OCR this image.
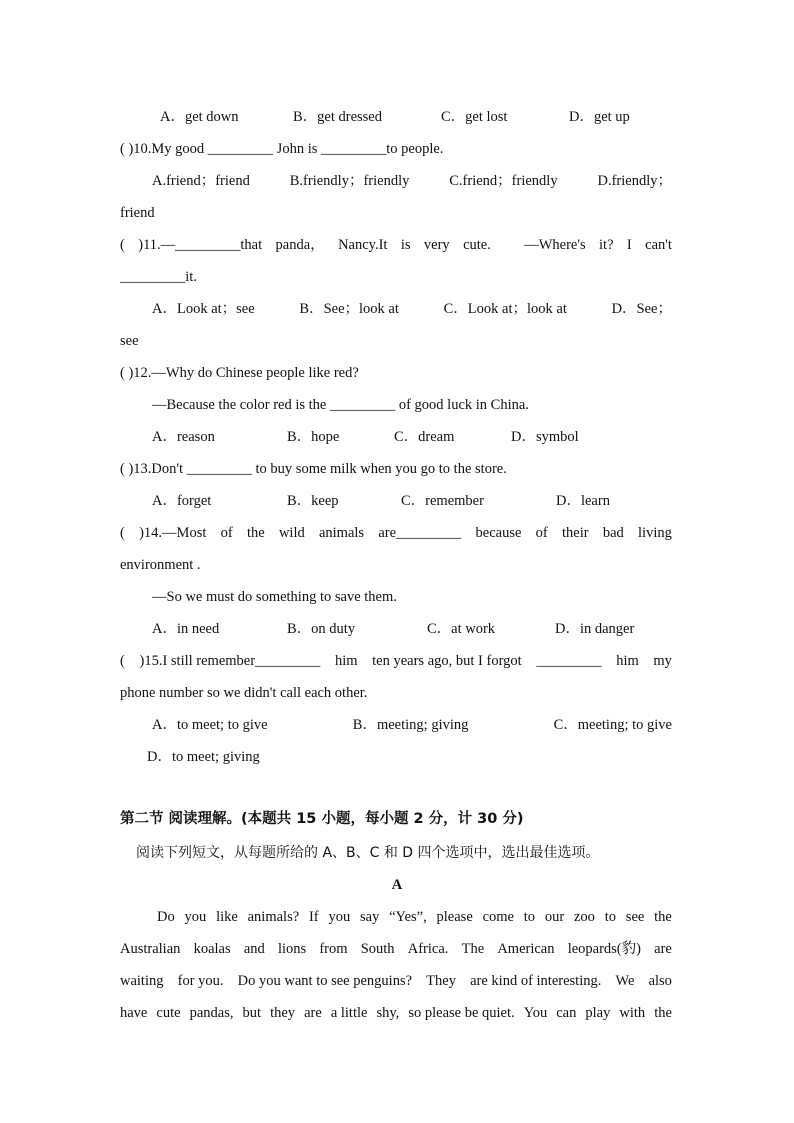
A．get down	B．get dressed	C．get lost	D．get up
( )10.My good _________ John is _________to people.
A.friend；friend	B.friendly；friendly	C.friend；friendly	D.friendly；
friend
( )11.—_________that panda， Nancy.It is very cute. —Where's it? I can't
_________it.
A．Look at；see	B．See；look at	C．Look at；look at	D．See；
see
( )12.—Why do Chinese people like red?
—Because the color red is the _________ of good luck in China.
A．reason	B．hope	C．dream	D．symbol
( )13.Don't _________ to buy some milk when you go to the store.
A．forget	B．keep	C．remember	D．learn
( )14.—Most of the wild animals are_________ because of their bad living
environment .
—So we must do something to save them.
A．in need	B．on duty	C．at work	D．in danger
( )15.I still remember_________ him ten years ago, but I forgot _________ him my
phone number so we didn't call each other.
A．to meet; to give	B．meeting; giving	C．meeting; to give
D．to meet; giving
第二节 阅读理解。(本题共 15 小题，每小题 2 分，计 30 分)
阅读下列短文，从每题所给的 A、B、C 和 D 四个选项中，选出最佳选项。
A
Do you like animals? If you say “Yes”, please come to our zoo to see the
Australian koalas and lions from South Africa. The American leopards(豹) are
waiting for you. Do you want to see penguins? They are kind of interesting. We also
have cute pandas, but they are a little shy, so please be quiet. You can play with the
